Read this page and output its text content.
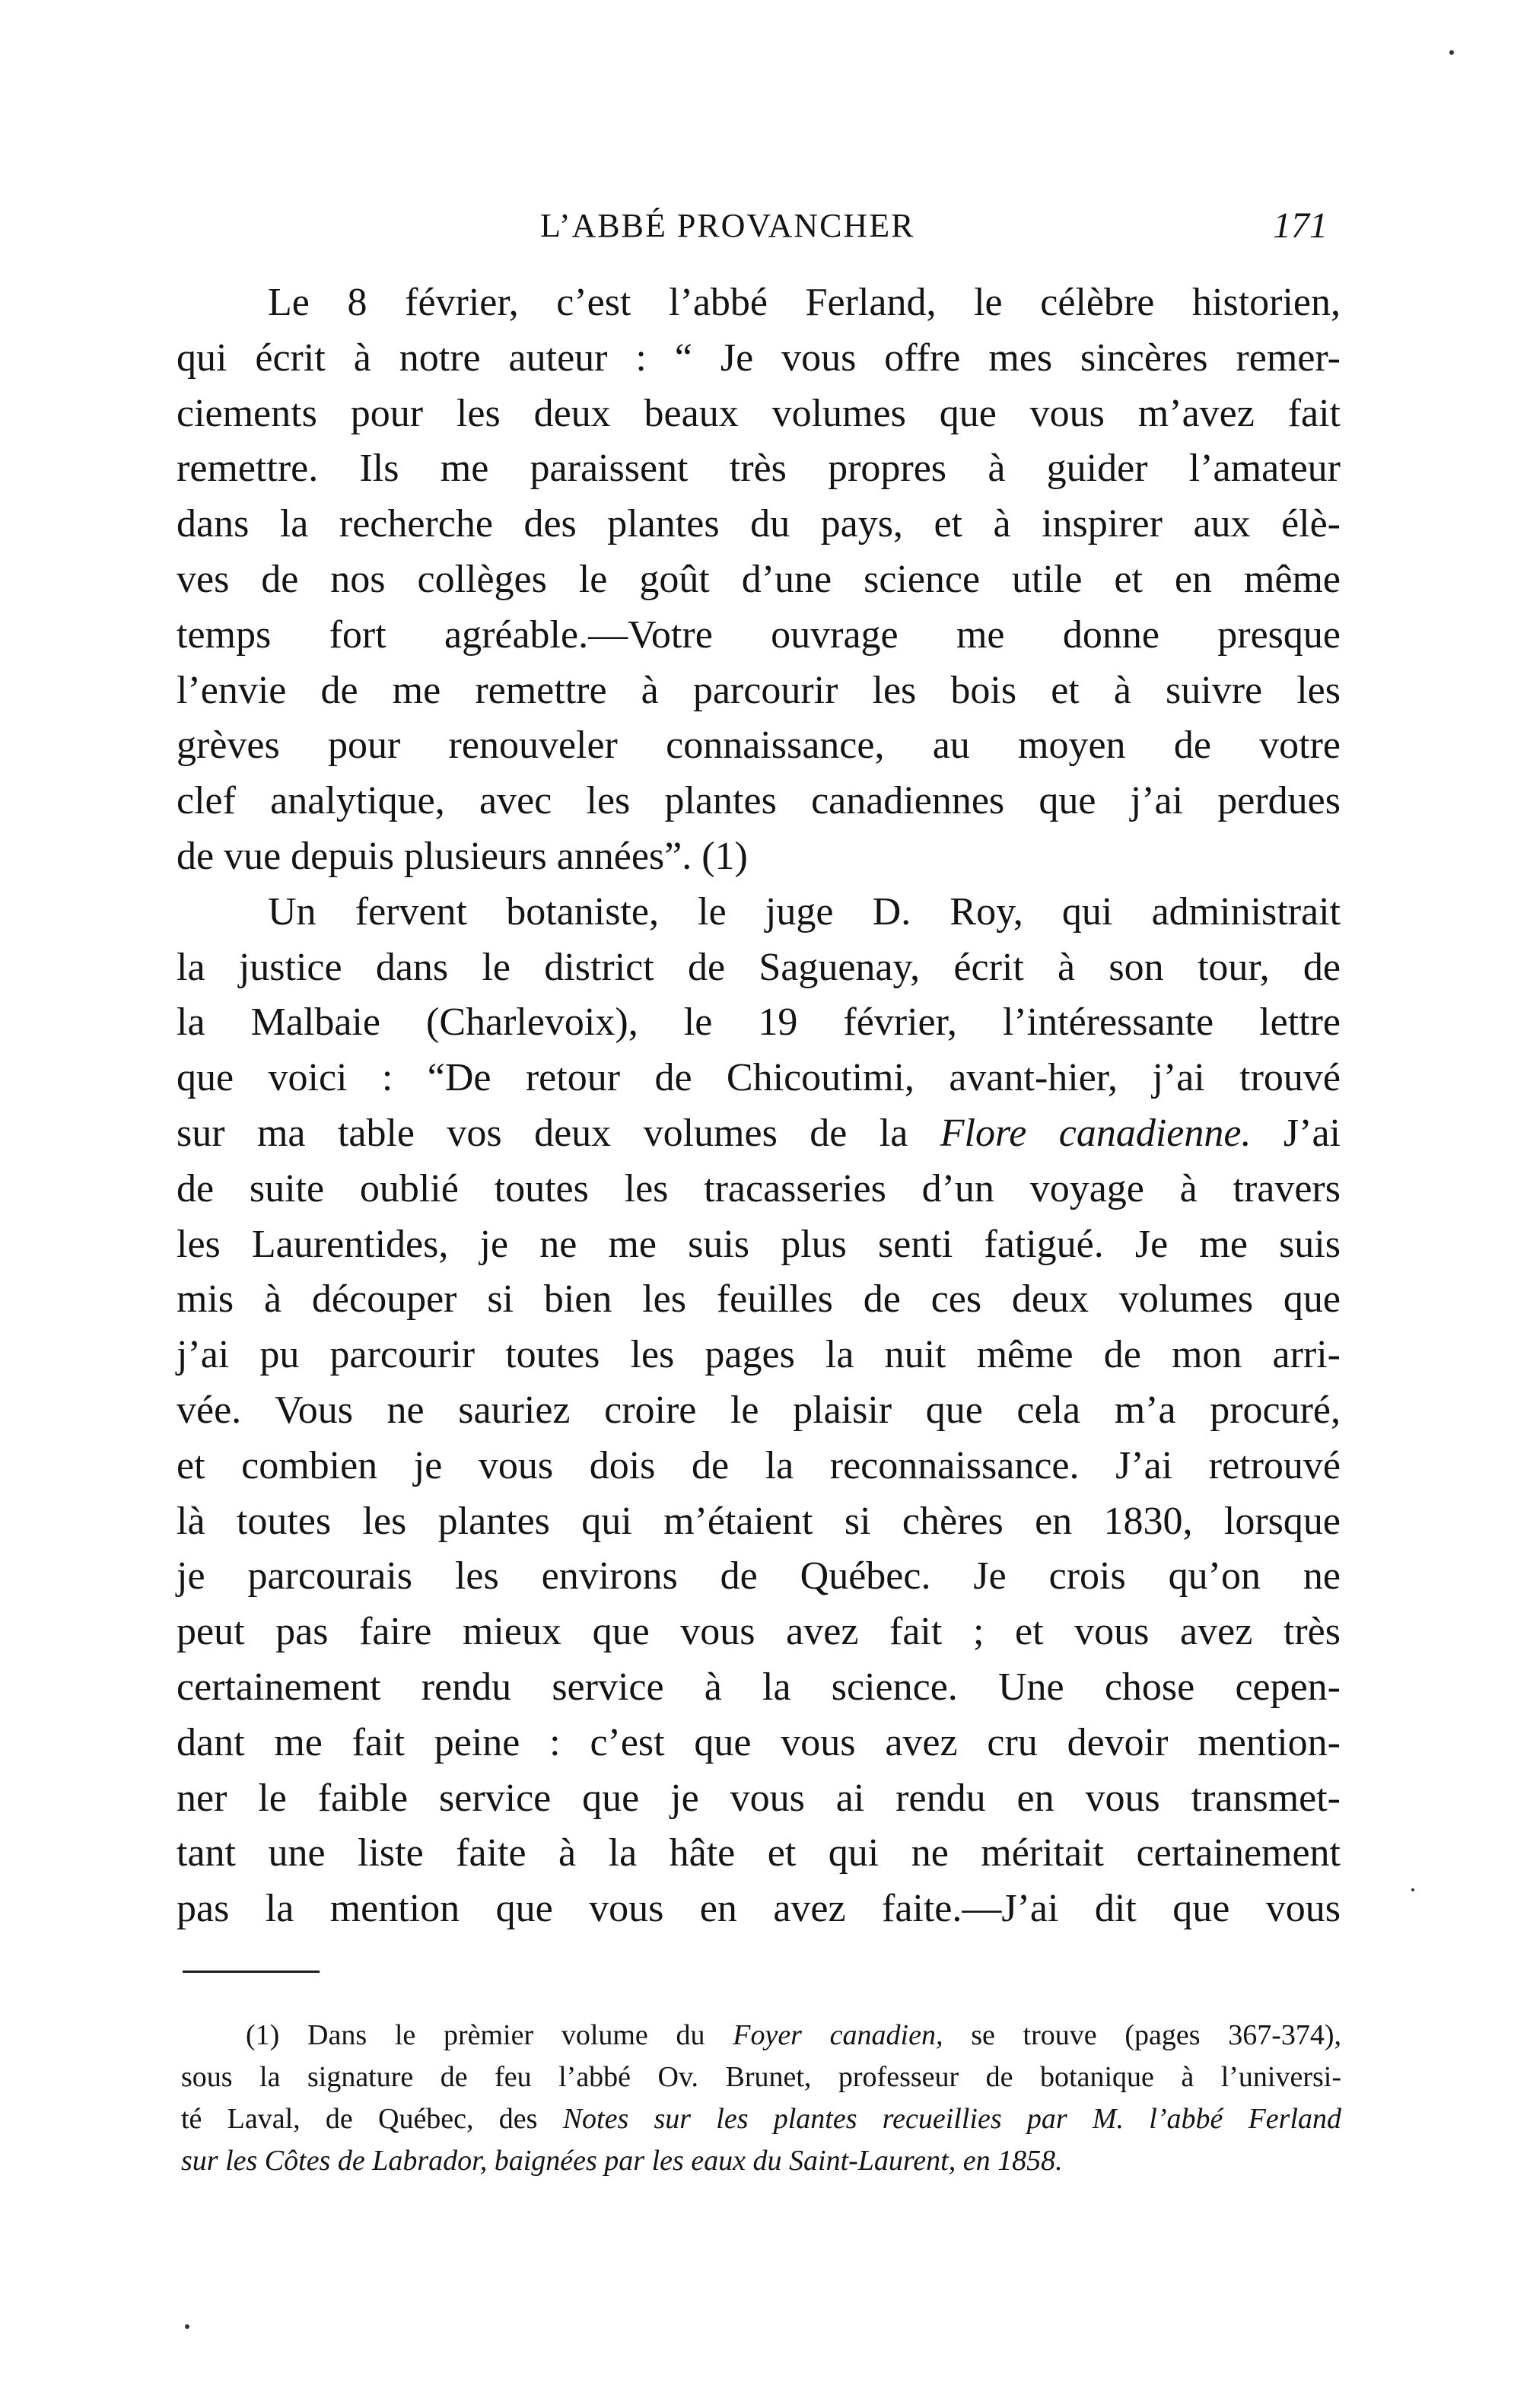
L’ABBÉ PROVANCHER	171
Le 8 février, c’est l’abbé Ferland, le célèbre historien,
qui écrit à notre auteur : “ Je vous offre mes sincères remer-
ciements pour les deux beaux volumes que vous m’avez fait
remettre. Ils me paraissent très propres à guider l’amateur
dans la recherche des plantes du pays, et à inspirer aux élè-
ves de nos collèges le goût d’une science utile et en même
temps fort agréable.—Votre ouvrage me donne presque
l’envie de me remettre à parcourir les bois et à suivre les
grèves pour renouveler connaissance, au moyen de votre
clef analytique, avec les plantes canadiennes que j’ai perdues
de vue depuis plusieurs années”. (1)
Un fervent botaniste, le juge D. Roy, qui administrait
la justice dans le district de Saguenay, écrit à son tour, de
la Malbaie (Charlevoix), le 19 février, l’intéressante lettre
que voici : “De retour de Chicoutimi, avant-hier, j’ai trouvé
sur ma table vos deux volumes de la Flore canadienne. J’ai
de suite oublié toutes les tracasseries d’un voyage à travers
les Laurentides, je ne me suis plus senti fatigué. Je me suis
mis à découper si bien les feuilles de ces deux volumes que
j’ai pu parcourir toutes les pages la nuit même de mon arri-
vée. Vous ne sauriez croire le plaisir que cela m’a procuré,
et combien je vous dois de la reconnaissance. J’ai retrouvé
là toutes les plantes qui m’étaient si chères en 1830, lorsque
je parcourais les environs de Québec. Je crois qu’on ne
peut pas faire mieux que vous avez fait ; et vous avez très
certainement rendu service à la science. Une chose cepen-
dant me fait peine : c’est que vous avez cru devoir mention-
ner le faible service que je vous ai rendu en vous transmet-
tant une liste faite à la hâte et qui ne méritait certainement
pas la mention que vous en avez faite.—J’ai dit que vous
(1) Dans le prèmier volume du Foyer canadien, se trouve (pages 367-374),
sous la signature de feu l’abbé Ov. Brunet, professeur de botanique à l’universi-
té Laval, de Québec, des Notes sur les plantes recueillies par M. l’abbé Ferland
sur les Côtes de Labrador, baignées par les eaux du Saint-Laurent, en 1858.
